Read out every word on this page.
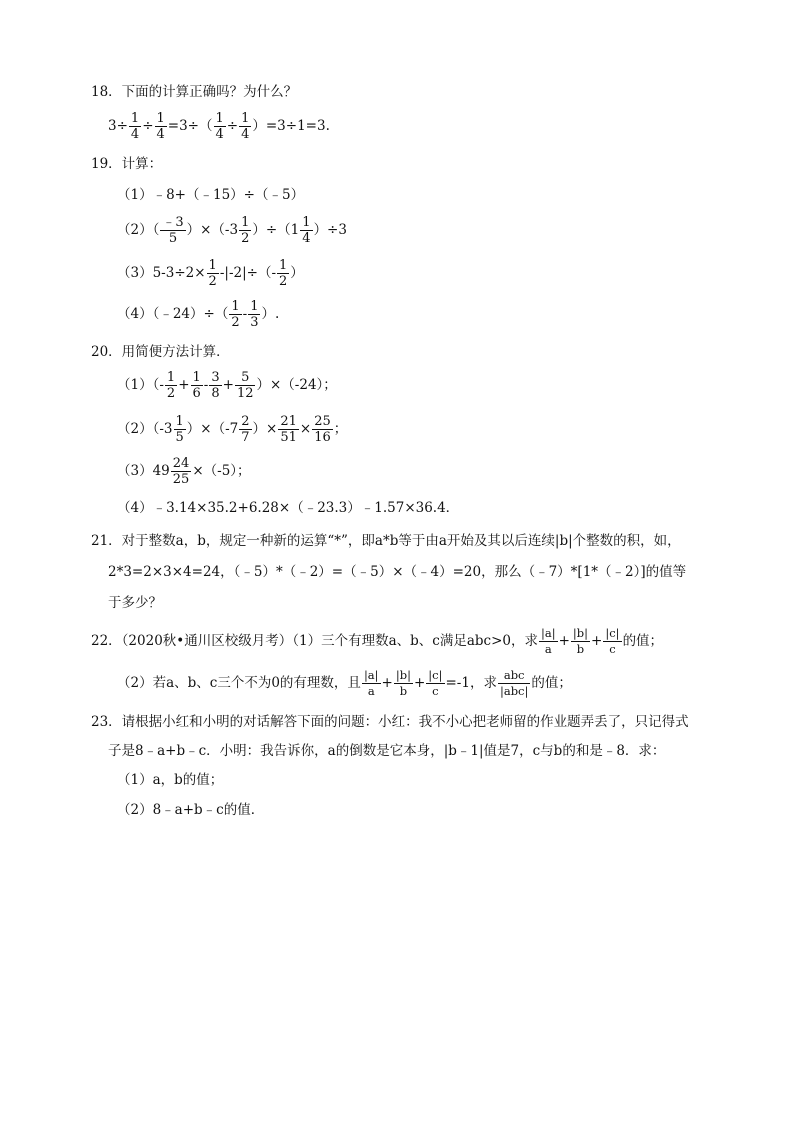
18．下面的计算正确吗？为什么？
$3\div \frac{1}{4} \div \frac{1}{4} =3\div( \frac{1}{4} \div \frac{1}{4} )=3\div 1=3$.
19．计算：
（1）﹣8+（﹣15）÷（﹣5）
$(2)( \frac{﹣3}{5} )\times(-3 \frac{1}{2} )\div(1 \frac{1}{4} )\div 3$
$(3)5-3\div 2\times \frac{1}{2} -|-2|\div(- \frac{1}{2}$ ）
（4）（﹣24）÷（ $\frac{1}{2} - \frac{1}{3}$ ）.
20．用简便方法计算．
$(1)(- \frac{1}{2} + \frac{1}{6} - \frac{3}{8} + \frac{5}{12} )\times(-24)$；
$(2)(-3 \frac{1}{5} )\times(-7 \frac{2}{7}$ ）× $\frac{21}{51} \times \frac{25}{16}$ ；
$(3)49 \frac{24}{25} \times(-5)$；
（4）﹣3.14×35.2+6.28×（﹣23.3）﹣1.57×36.4．
21．对于整数a，b，规定一种新的运算“*”，即a*b等于由a开始及其以后连续|b|个整数的积，如，
2*3=2×3×4=24，（﹣5）*（﹣2）=（﹣5）×（﹣4）=20，那么（﹣7）*[1*（﹣2）]的值等
于多少？
22．（2020秋•通川区校级月考）（1）三个有理数a、b、c满足abc>0，求 $\frac{|a|}{a} + \frac{|b|}{b} + \frac{|c|}{c}$ 的值；
（2）若a、b、c三个不为0的有理数，且 $\frac{|a|}{a} + \frac{|b|}{b} + \frac{|c|}{c} =-1$，求 $\frac{\text{abc}}{\text{|abc|}}$ 的值；
23．请根据小红和小明的对话解答下面的问题：小红：我不小心把老师留的作业题弄丢了，只记得式
子是8﹣a+b﹣c．小明：我告诉你，a的倒数是它本身，|b﹣1|值是7，c与b的和是﹣8．求：
（1）a，b的值；
（2）8﹣a+b﹣c的值．
